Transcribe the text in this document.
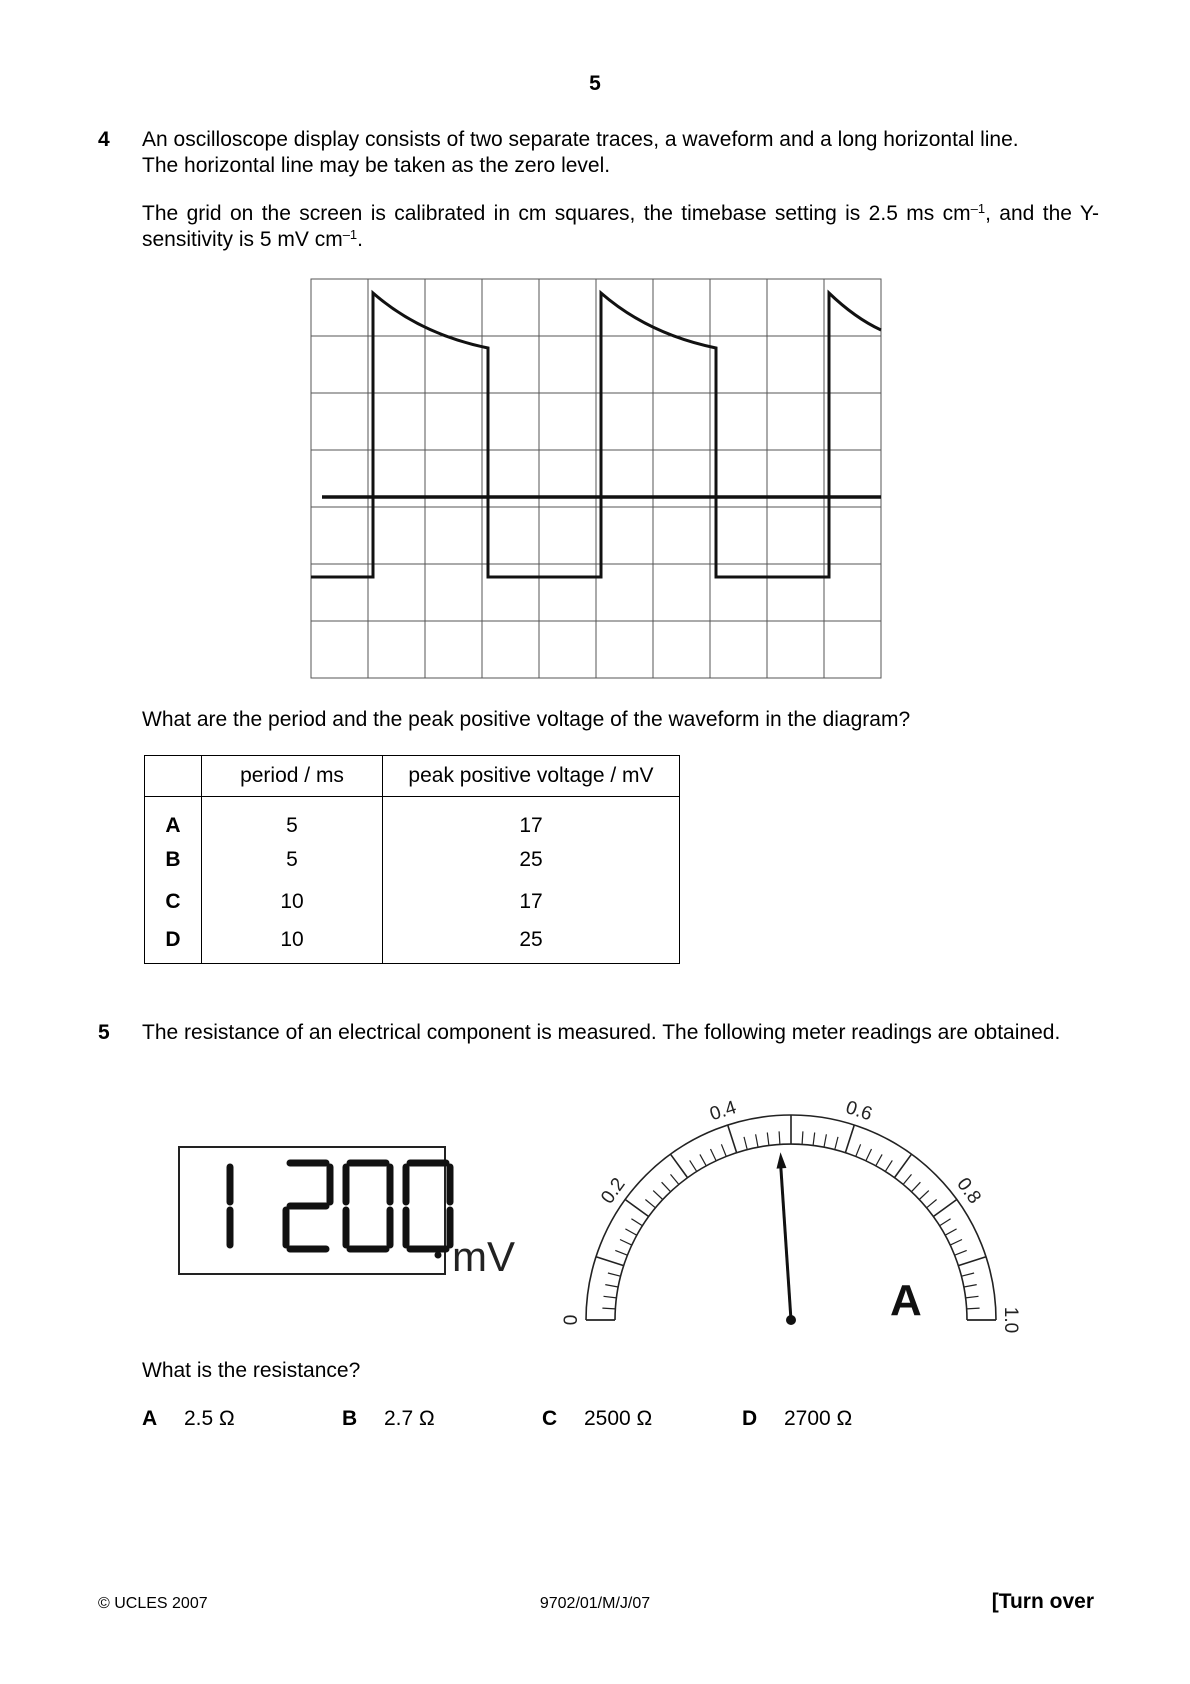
5
4 An oscilloscope display consists of two separate traces, a waveform and a long horizontal line.
The horizontal line may be taken as the zero level.
The grid on the screen is calibrated in cm squares, the timebase setting is 2.5 ms $cm^{-1}$, and the Y-sensitivity is 5 mV $cm^{-1}$.
What are the period and the peak positive voltage of the waveform in the diagram?
	period / ms	peak positive voltage / mV
A	5	17
B	5	25
C	10	17
D	10	25
5 The resistance of an electrical component is measured. The following meter readings are obtained.
mV
0
0.2
0.4	0.6
0.8
1.0
A
What is the resistance?
A 2.5 Ω	B 2.7 Ω	C 2500 Ω	D 2700 Ω
© UCLES 2007	9702/01/M/J/07	[Turn over
